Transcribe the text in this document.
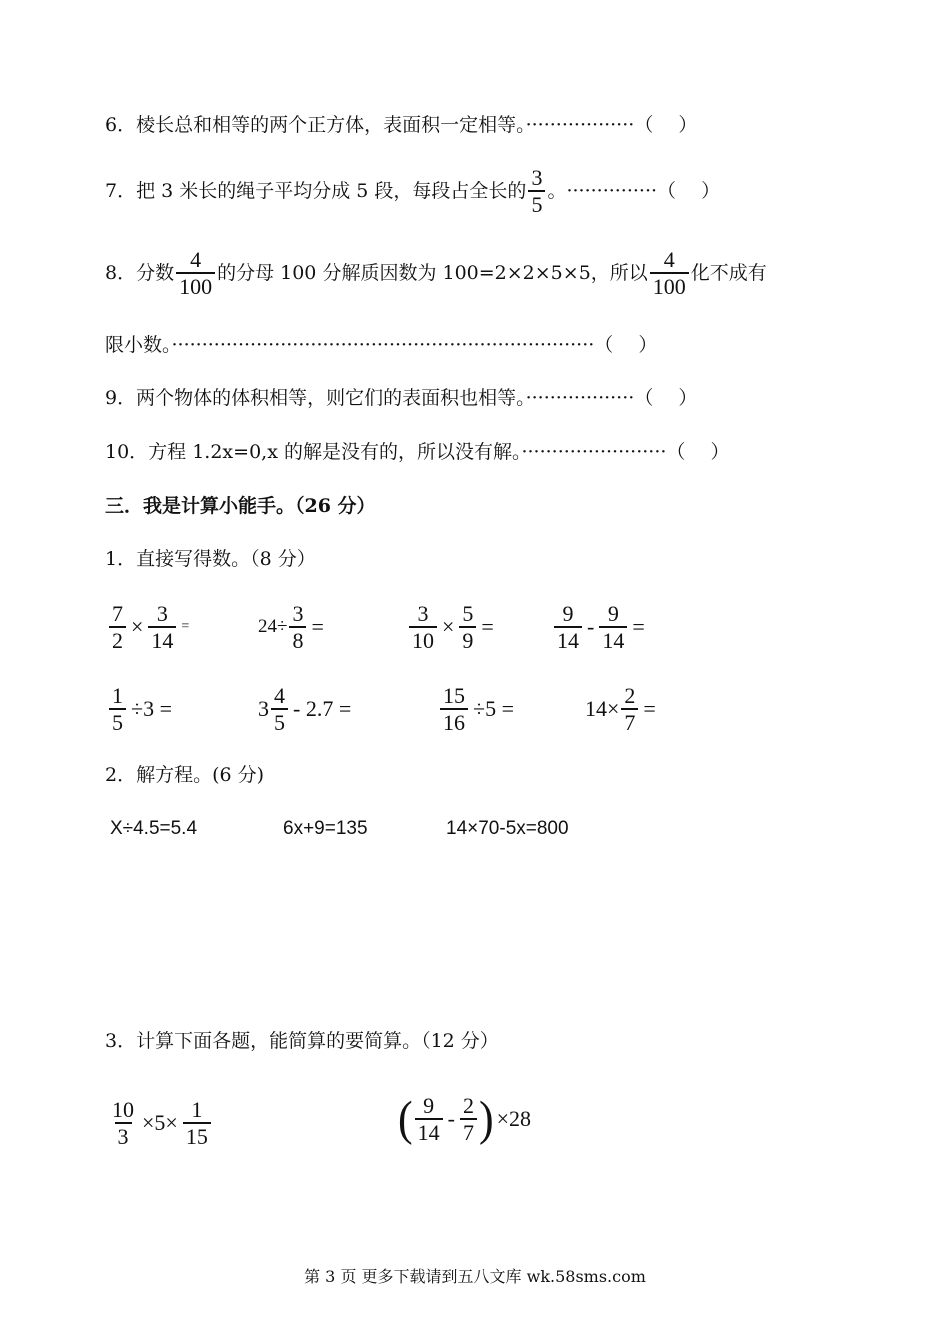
6．棱长总和相等的两个正方体，表面积一定相等。··················（　 ）
7．把 3 米长的绳子平均分成 5 段，每段占全长的 $\frac{3}{5}$ 。 ··············· （　 ）
8．分数 $\frac{4}{100}$ 的分母 100 分解质因数为 100=2×2×5×5，所以 $\frac{4}{100}$ 化不成有
限小数。······································································（　 ）
9．两个物体的体积相等，则它们的表面积也相等。··················（　 ）
10．方程 1.2x=0,x 的解是没有的，所以没有解。························（　 ）
三．我是计算小能手。（26 分）
1．直接写得数。（8 分）
$\frac{7}{2} \times \frac{3}{14}$ =	$24\div \frac{3}{8}$ =	$\frac{3}{10} \times \frac{5}{9}$ =	$\frac{9}{14} - \frac{9}{14}$ =
$\frac{1}{5} \div 3$ =	$3 \frac{4}{5} - 2.7$ =	$\frac{15}{16} \div 5$ =	$14\times \frac{2}{7}$ =
2．解方程。(6 分)
X÷4.5=5.4	6x+9=135	14×70-5x=800
3．计算下面各题，能简算的要简算。（12 分）
$\frac{10}{3} \times 5\times \frac{1}{15}$	( $\frac{9}{14} - \frac{2}{7}$ ) ×28
第 3 页 更多下载请到五八文库 wk.58sms.com
